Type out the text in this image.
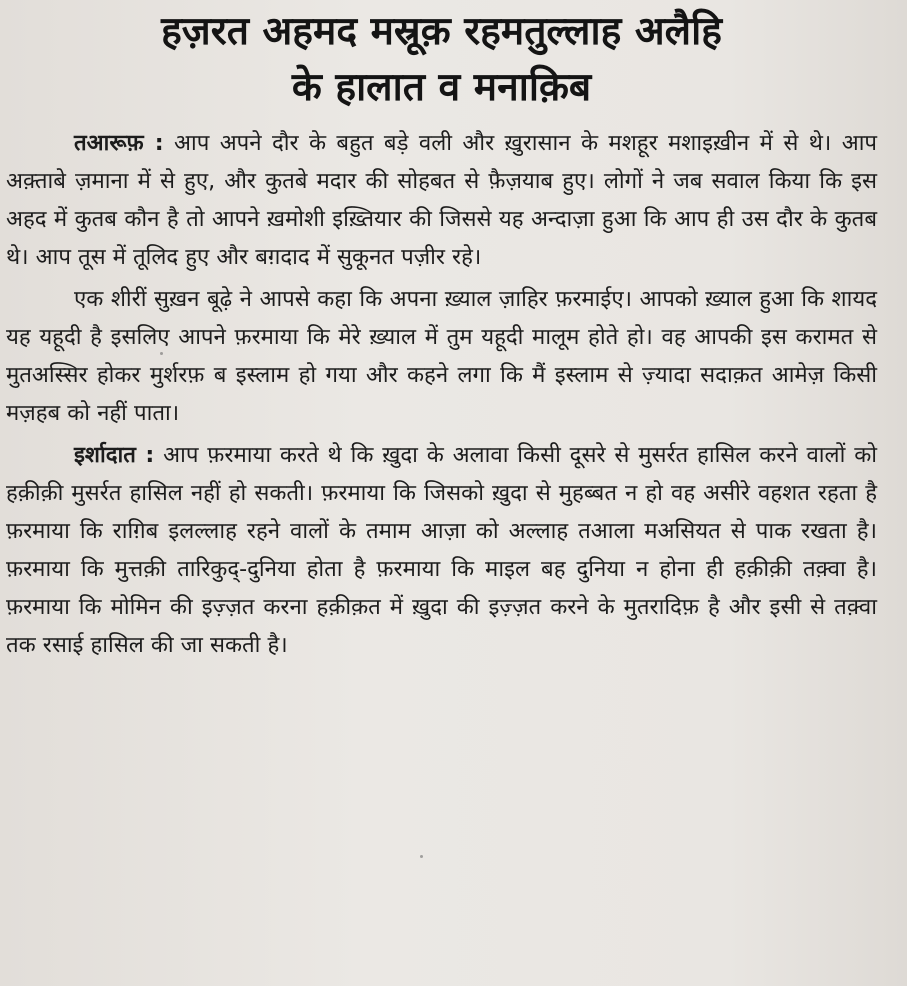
हज़रत अहमद मस्रूक़ रहमतुल्लाह अलैहि
के हालात व मनाक़िब

तआरूफ़ : आप अपने दौर के बहुत बड़े वली और ख़ुरासान के मशहूर मशाइख़ीन में से थे। आप अक़्ताबे ज़माना में से हुए, और कुतबे मदार की सोहबत से फ़ैज़याब हुए। लोगों ने जब सवाल किया कि इस अहद में कुतब कौन है तो आपने ख़मोशी इख़्तियार की जिससे यह अन्दाज़ा हुआ कि आप ही उस दौर के कुतब थे। आप तूस में तूलिद हुए और बग़दाद में सुकूनत पज़ीर रहे।

एक शीरीं सुख़न बूढ़े ने आपसे कहा कि अपना ख़्याल ज़ाहिर फ़रमाईए। आपको ख़्याल हुआ कि शायद यह यहूदी है इसलिए आपने फ़रमाया कि मेरे ख़्याल में तुम यहूदी मालूम होते हो। वह आपकी इस करामत से मुतअस्सिर होकर मुर्शरफ़ ब इस्लाम हो गया और कहने लगा कि मैं इस्लाम से ज़्यादा सदाक़त आमेज़ किसी मज़हब को नहीं पाता।

इर्शादात : आप फ़रमाया करते थे कि ख़ुदा के अलावा किसी दूसरे से मुसर्रत हासिल करने वालों को हक़ीक़ी मुसर्रत हासिल नहीं हो सकती। फ़रमाया कि जिसको ख़ुदा से मुहब्बत न हो वह असीरे वहशत रहता है फ़रमाया कि राग़िब इलल्लाह रहने वालों के तमाम आज़ा को अल्लाह तआला मअसियत से पाक रखता है। फ़रमाया कि मुत्तक़ी तारिकुद्-दुनिया होता है फ़रमाया कि माइल बह दुनिया न होना ही हक़ीक़ी तक़्वा है। फ़रमाया कि मोमिन की इज़्ज़त करना हक़ीक़त में ख़ुदा की इज़्ज़त करने के मुतरादिफ़ है और इसी से तक़्वा तक रसाई हासिल की जा सकती है।
